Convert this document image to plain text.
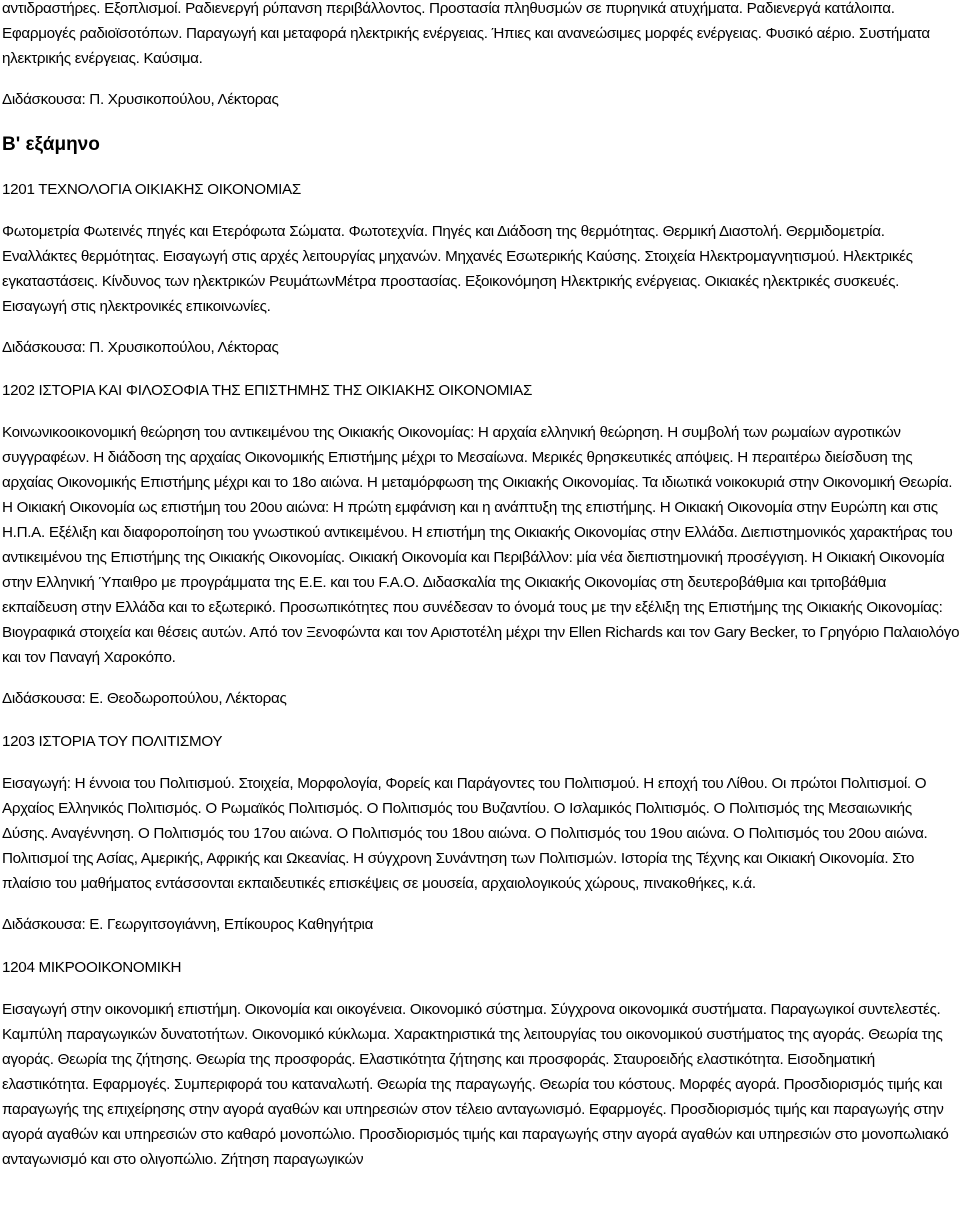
αντιδραστήρες. Εξοπλισμοί. Ραδιενεργή ρύπανση περιβάλλοντος. Προστασία πληθυσμών σε πυρηνικά ατυχήματα. Ραδιενεργά κατάλοιπα. Εφαρμογές ραδιοϊσοτόπων. Παραγωγή και μεταφορά ηλεκτρικής ενέργειας. Ήπιες και ανανεώσιμες μορφές ενέργειας. Φυσικό αέριο. Συστήματα ηλεκτρικής ενέργειας. Καύσιμα.

Διδάσκουσα: Π. Χρυσικοπούλου, Λέκτορας

Β' εξάμηνο

1201 ΤΕΧΝΟΛΟΓΙΑ ΟΙΚΙΑΚΗΣ ΟΙΚΟΝΟΜΙΑΣ

Φωτομετρία Φωτεινές πηγές και Ετερόφωτα Σώματα. Φωτοτεχνία. Πηγές και Διάδοση της θερμότητας. Θερμική Διαστολή. Θερμιδομετρία. Εναλλάκτες θερμότητας. Εισαγωγή στις αρχές λειτουργίας μηχανών. Μηχανές Εσωτερικής Καύσης. Στοιχεία Ηλεκτρομαγνητισμού. Ηλεκτρικές εγκαταστάσεις. Κίνδυνος των ηλεκτρικών ΡευμάτωνΜέτρα προστασίας. Εξοικονόμηση Ηλεκτρικής ενέργειας. Οικιακές ηλεκτρικές συσκευές. Εισαγωγή στις ηλεκτρονικές επικοινωνίες.

Διδάσκουσα: Π. Χρυσικοπούλου, Λέκτορας

1202 ΙΣΤΟΡΙΑ ΚΑΙ ΦΙΛΟΣΟΦΙΑ ΤΗΣ ΕΠΙΣΤΗΜΗΣ ΤΗΣ ΟΙΚΙΑΚΗΣ ΟΙΚΟΝΟΜΙΑΣ

Κοινωνικοοικονομική θεώρηση του αντικειμένου της Οικιακής Οικονομίας: Η αρχαία ελληνική θεώρηση. Η συμβολή των ρωμαίων αγροτικών συγγραφέων. Η διάδοση της αρχαίας Οικονομικής Επιστήμης μέχρι το Μεσαίωνα. Μερικές θρησκευτικές απόψεις. Η περαιτέρω διείσδυση της αρχαίας Οικονομικής Επιστήμης μέχρι και το 18ο αιώνα. Η μεταμόρφωση της Οικιακής Οικονομίας. Τα ιδιωτικά νοικοκυριά στην Οικονομική Θεωρία. Η Οικιακή Οικονομία ως επιστήμη του 20ου αιώνα: Η πρώτη εμφάνιση και η ανάπτυξη της επιστήμης. Η Οικιακή Οικονομία στην Ευρώπη και στις Η.Π.Α. Εξέλιξη και διαφοροποίηση του γνωστικού αντικειμένου. Η επιστήμη της Οικιακής Οικονομίας στην Ελλάδα. Διεπιστημονικός χαρακτήρας του αντικειμένου της Επιστήμης της Οικιακής Οικονομίας. Οικιακή Οικονομία και Περιβάλλον: μία νέα διεπιστημονική προσέγγιση. Η Οικιακή Οικονομία στην Ελληνική Ύπαιθρο με προγράμματα της Ε.Ε. και του F.A.O. Διδασκαλία της Οικιακής Οικονομίας στη δευτεροβάθμια και τριτοβάθμια εκπαίδευση στην Ελλάδα και το εξωτερικό. Προσωπικότητες που συνέδεσαν το όνομά τους με την εξέλιξη της Επιστήμης της Οικιακής Οικονομίας: Βιογραφικά στοιχεία και θέσεις αυτών. Από τον Ξενοφώντα και τον Αριστοτέλη μέχρι την Ellen Richards και τον Gary Becker, το Γρηγόριο Παλαιολόγο και τον Παναγή Χαροκόπο.

Διδάσκουσα: Ε. Θεοδωροπούλου, Λέκτορας

1203 ΙΣΤΟΡΙΑ ΤΟΥ ΠΟΛΙΤΙΣΜΟΥ

Εισαγωγή: Η έννοια του Πολιτισμού. Στοιχεία, Μορφολογία, Φορείς και Παράγοντες του Πολιτισμού. Η εποχή του Λίθου. Οι πρώτοι Πολιτισμοί. Ο Αρχαίος Ελληνικός Πολιτισμός. Ο Ρωμαϊκός Πολιτισμός. Ο Πολιτισμός του Βυζαντίου. Ο Ισλαμικός Πολιτισμός. Ο Πολιτισμός της Μεσαιωνικής Δύσης. Αναγέννηση. Ο Πολιτισμός του 17ου αιώνα. Ο Πολιτισμός του 18ου αιώνα. Ο Πολιτισμός του 19ου αιώνα. Ο Πολιτισμός του 20ου αιώνα. Πολιτισμοί της Ασίας, Αμερικής, Αφρικής και Ωκεανίας. Η σύγχρονη Συνάντηση των Πολιτισμών. Ιστορία της Τέχνης και Οικιακή Οικονομία. Στο πλαίσιο του μαθήματος εντάσσονται εκπαιδευτικές επισκέψεις σε μουσεία, αρχαιολογικούς χώρους, πινακοθήκες, κ.ά.

Διδάσκουσα: Ε. Γεωργιτσογιάννη, Επίκουρος Καθηγήτρια

1204 ΜΙΚΡΟΟΙΚΟΝΟΜΙΚΗ

Εισαγωγή στην οικονομική επιστήμη. Οικονομία και οικογένεια. Οικονομικό σύστημα. Σύγχρονα οικονομικά συστήματα. Παραγωγικοί συντελεστές. Καμπύλη παραγωγικών δυνατοτήτων. Οικονομικό κύκλωμα. Χαρακτηριστικά της λειτουργίας του οικονομικού συστήματος της αγοράς. Θεωρία της αγοράς. Θεωρία της ζήτησης. Θεωρία της προσφοράς. Ελαστικότητα ζήτησης και προσφοράς. Σταυροειδής ελαστικότητα. Εισοδηματική ελαστικότητα. Εφαρμογές. Συμπεριφορά του καταναλωτή. Θεωρία της παραγωγής. Θεωρία του κόστους. Μορφές αγορά. Προσδιορισμός τιμής και παραγωγής της επιχείρησης στην αγορά αγαθών και υπηρεσιών στον τέλειο ανταγωνισμό. Εφαρμογές. Προσδιορισμός τιμής και παραγωγής στην αγορά αγαθών και υπηρεσιών στο καθαρό μονοπώλιο. Προσδιορισμός τιμής και παραγωγής στην αγορά αγαθών και υπηρεσιών στο μονοπωλιακό ανταγωνισμό και στο ολιγοπώλιο. Ζήτηση παραγωγικών
